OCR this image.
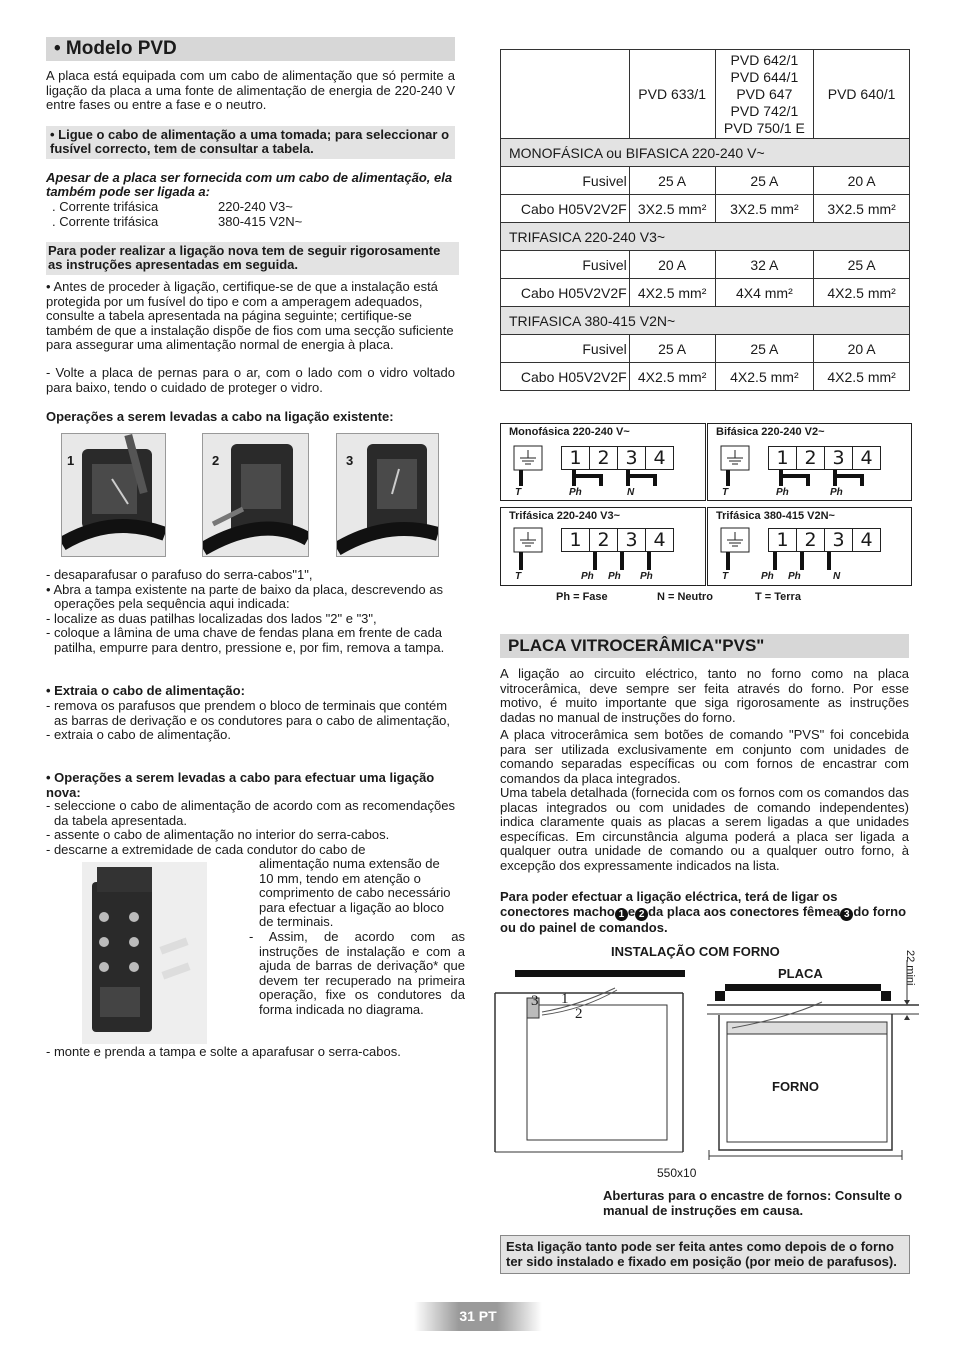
• Modelo PVD

A placa está equipada com um cabo de alimentação que só permite a ligação da placa a uma fonte de alimentação de energia de 220-240 V entre fases ou entre a fase e o neutro.

• Ligue o cabo de alimentação a uma tomada; para seleccionar o fusível correcto, tem de consultar a tabela.

Apesar de a placa ser fornecida com um cabo de alimentação, ela também pode ser ligada a:

. Corrente trifásica	220-240 V3~
. Corrente trifásica	380-415 V2N~
Para poder realizar a ligação nova tem de seguir rigorosamente as instruções apresentadas em seguida.

• Antes de proceder à ligação, certifique-se de que a instalação está protegida por um fusível do tipo e com a amperagem adequados, consulte a tabela apresentada na página seguinte; certifique-se também de que a instalação dispõe de fios com uma secção suficiente para assegurar uma alimentação normal de energia à placa.

- Volte a placa de pernas para o ar, com o lado com o vidro voltado para baixo, tendo o cuidado de proteger o vidro.

Operações a serem levadas a cabo na ligação existente:

1	2	3

- desaparafusar o parafuso do serra-cabos"1",

• Abra a tampa existente na parte de baixo da placa, descrevendo as operações pela sequência aqui indicada:

- localize as duas patilhas localizadas dos lados "2" e "3",

- coloque a lâmina de uma chave de fendas plana em frente de cada patilha, empurre para dentro, pressione e, por fim, remova a tampa.

• Extraia o cabo de alimentação:

- remova os parafusos que prendem o bloco de terminais que contém as barras de derivação e os condutores para o cabo de alimentação,

- extraia o cabo de alimentação.

• Operações a serem levadas a cabo para efectuar uma ligação nova:

- seleccione o cabo de alimentação de acordo com as recomendações da tabela apresentada.

- assente o cabo de alimentação no interior do serra-cabos.

- descarne a extremidade de cada condutor do cabo de

alimentação numa extensão de 10 mm, tendo em atenção o comprimento de cabo necessário para efectuar a ligação ao bloco de terminais.

- Assim, de acordo com as instruções de instalação e com a ajuda de barras de derivação* que devem ter recuperado na primeira operação, fixe os condutores da forma indicada no diagrama.

- monte e prenda a tampa e solte a aparafusar o serra-cabos.

	PVD 633/1	PVD 642/1
PVD 644/1
PVD 647
PVD 742/1
PVD 750/1 E	PVD 640/1
MONOFÁSICA ou BIFASICA 220-240 V~			
Fusivel	25 A	25 A	20 A
Cabo H05V2V2F	3X2.5 mm²	3X2.5 mm²	3X2.5 mm²
TRIFASICA 220-240 V3~			
Fusivel	20 A	32 A	25 A
Cabo H05V2V2F	4X2.5 mm²	4X4 mm²	4X2.5 mm²
TRIFASICA 380-415 V2N~			
Fusivel	25 A	25 A	20 A
Cabo H05V2V2F	4X2.5 mm²	4X2.5 mm²	4X2.5 mm²
Monofásica 220-240 V~
1 2 3 4
T	Ph	N
Bifásica 220-240 V2~
1 2 3 4
T	Ph	Ph
Trifásica 220-240 V3~
1 2 3 4
T	Ph Ph Ph
Trifásica 380-415 V2N~
1 2 3 4
T	Ph Ph	N
Ph = Fase	N = Neutro	T = Terra
PLACA VITROCERÂMICA"PVS"

A ligação ao circuito eléctrico, tanto no forno como na placa vitrocerâmica, deve sempre ser feita através do forno. Por esse motivo, é muito importante que siga rigorosamente as instruções dadas no manual de instruções do forno.

A placa vitrocerâmica sem botões de comando "PVS" foi concebida para ser utilizada exclusivamente em conjunto com unidades de comando separadas específicas ou com fornos de encastrar com comandos da placa integrados.

Uma tabela detalhada (fornecida com os fornos com os comandos das placas integrados ou com unidades de comando independentes) indica claramente quais as placas a serem ligadas a que unidades específicas. Em circunstância alguma poderá a placa ser ligada a qualquer outra unidade de comando ou a qualquer outro forno, à excepção dos expressamente indicados na lista.

Para poder efectuar a ligação eléctrica, terá de ligar os conectores macho 1 e 2 da placa aos conectores fêmea 3 do forno ou do painel de comandos.

INSTALAÇÃO COM FORNO
PLACA	22 mini
3 1
2
FORNO
550x10

Aberturas para o encastre de fornos: Consulte o manual de instruções em causa.

Esta ligação tanto pode ser feita antes como depois de o forno ter sido instalado e fixado em posição (por meio de parafusos).
31 PT
